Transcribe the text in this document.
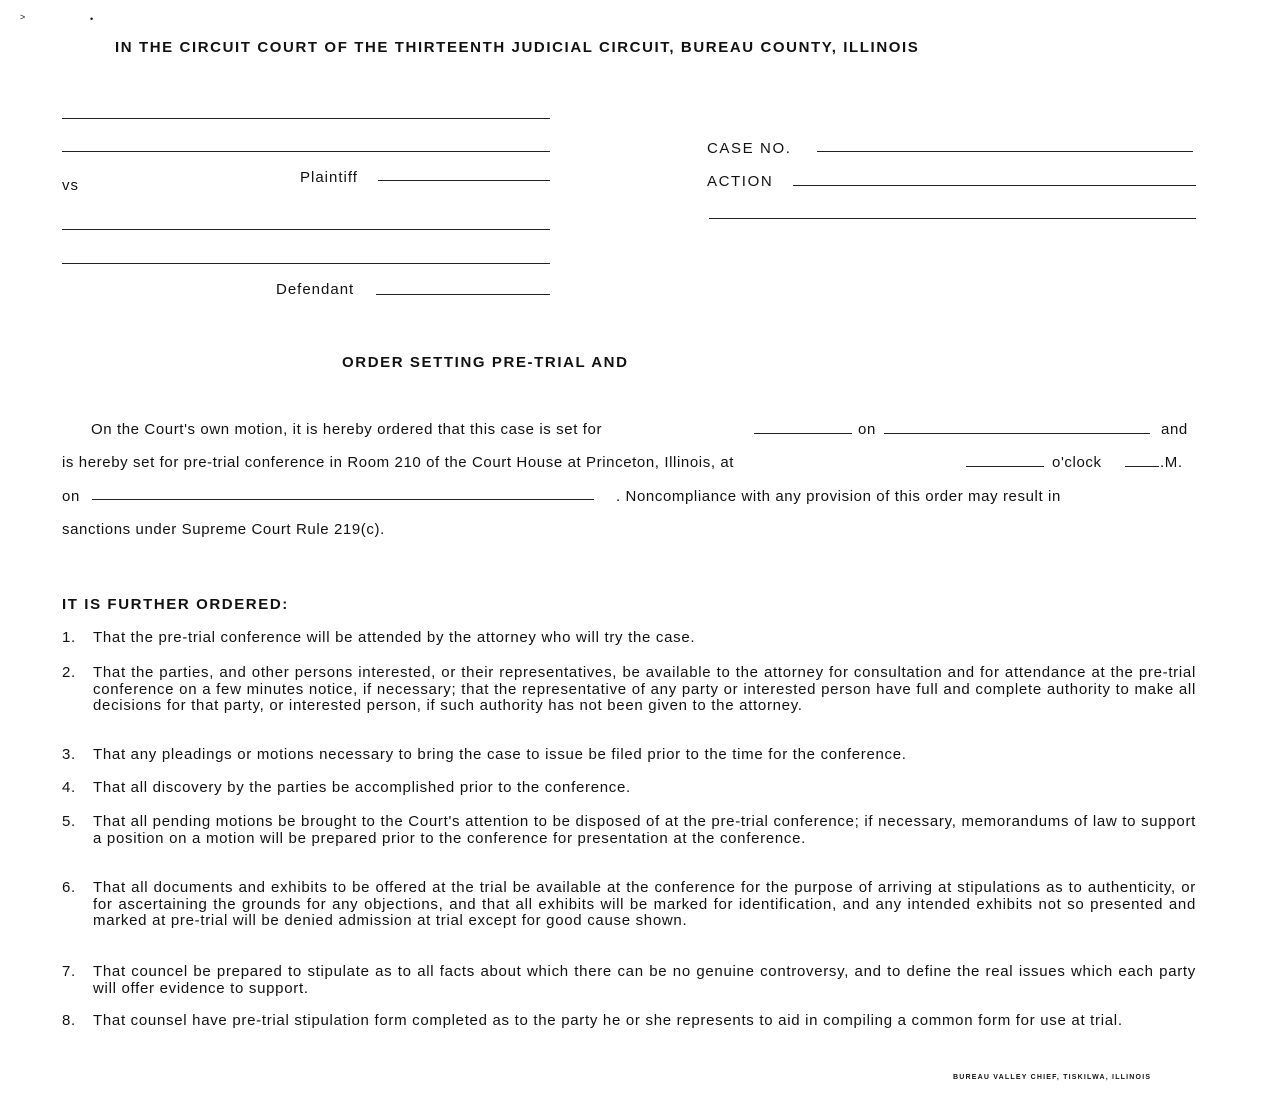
˃	•
IN THE CIRCUIT COURT OF THE THIRTEENTH JUDICIAL CIRCUIT, BUREAU COUNTY, ILLINOIS
vs	Plaintiff
Defendant
CASE NO.
ACTION
ORDER SETTING PRE-TRIAL AND
On the Court's own motion, it is hereby ordered that this case is set for	on	and
is hereby set for pre-trial conference in Room 210 of the Court House at Princeton, Illinois, at	o'clock	.M.
on	. Noncompliance with any provision of this order may result in
sanctions under Supreme Court Rule 219(c).
IT IS FURTHER ORDERED:
1. That the pre-trial conference will be attended by the attorney who will try the case.
2. That the parties, and other persons interested, or their representatives, be available to the attorney for consultation and for attendance at the pre-trial conference on a few minutes notice, if necessary; that the representative of any party or interested person have full and complete authority to make all decisions for that party, or interested person, if such authority has not been given to the attorney.
3. That any pleadings or motions necessary to bring the case to issue be filed prior to the time for the conference.
4. That all discovery by the parties be accomplished prior to the conference.
5. That all pending motions be brought to the Court's attention to be disposed of at the pre-trial conference; if necessary, memorandums of law to support a position on a motion will be prepared prior to the conference for presentation at the conference.
6. That all documents and exhibits to be offered at the trial be available at the conference for the purpose of arriving at stipulations as to authenticity, or for ascertaining the grounds for any objections, and that all exhibits will be marked for identification, and any intended exhibits not so presented and marked at pre-trial will be denied admission at trial except for good cause shown.
7. That councel be prepared to stipulate as to all facts about which there can be no genuine controversy, and to define the real issues which each party will offer evidence to support.
8. That counsel have pre-trial stipulation form completed as to the party he or she represents to aid in compiling a common form for use at trial.
BUREAU VALLEY CHIEF, TISKILWA, ILLINOIS
